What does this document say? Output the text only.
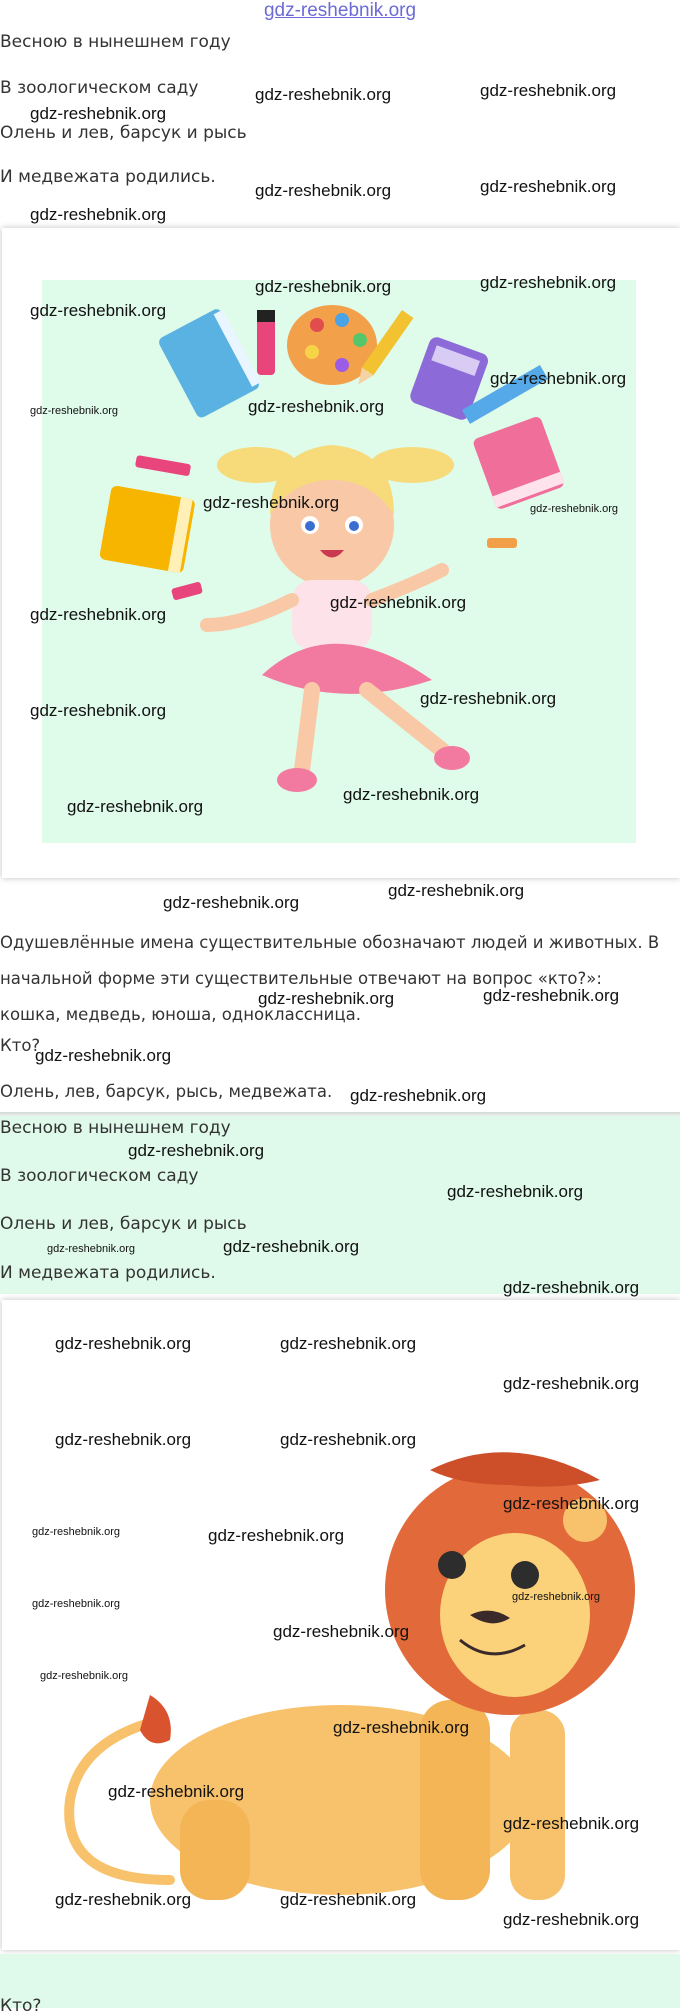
gdz-reshebnik.org
Весною в нынешнем году
В зоологическом саду
Олень и лев, барсук и рысь
И медвежата родились.
Одушевлённые имена существительные обозначают людей и животных. В начальной форме эти существительные отвечают на вопрос «кто?»: кошка, медведь, юноша, одноклассница.
Кто?
Олень, лев, барсук, рысь, медвежата.
Весною в нынешнем году
В зоологическом саду
Олень и лев, барсук и рысь
И медвежата родились.
Кто?
gdz-reshebnik.org
gdz-reshebnik.org	gdz-reshebnik.org
gdz-reshebnik.org	gdz-reshebnik.org
gdz-reshebnik.org
gdz-reshebnik.org	gdz-reshebnik.org
gdz-reshebnik.org
gdz-reshebnik.org
gdz-reshebnik.org	gdz-reshebnik.org
gdz-reshebnik.org	gdz-reshebnik.org
gdz-reshebnik.org
gdz-reshebnik.org
gdz-reshebnik.org
gdz-reshebnik.org
gdz-reshebnik.org
gdz-reshebnik.org
gdz-reshebnik.org
gdz-reshebnik.org
gdz-reshebnik.org
gdz-reshebnik.org
gdz-reshebnik.org
gdz-reshebnik.org
gdz-reshebnik.org
gdz-reshebnik.org
gdz-reshebnik.org	gdz-reshebnik.org
gdz-reshebnik.org
gdz-reshebnik.org	gdz-reshebnik.org
gdz-reshebnik.org
gdz-reshebnik.org	gdz-reshebnik.org
gdz-reshebnik.org
gdz-reshebnik.org	gdz-reshebnik.org
gdz-reshebnik.org
gdz-reshebnik.org
gdz-reshebnik.org
gdz-reshebnik.org
gdz-reshebnik.org
gdz-reshebnik.org
gdz-reshebnik.org
gdz-reshebnik.org	gdz-reshebnik.org
gdz-reshebnik.org
